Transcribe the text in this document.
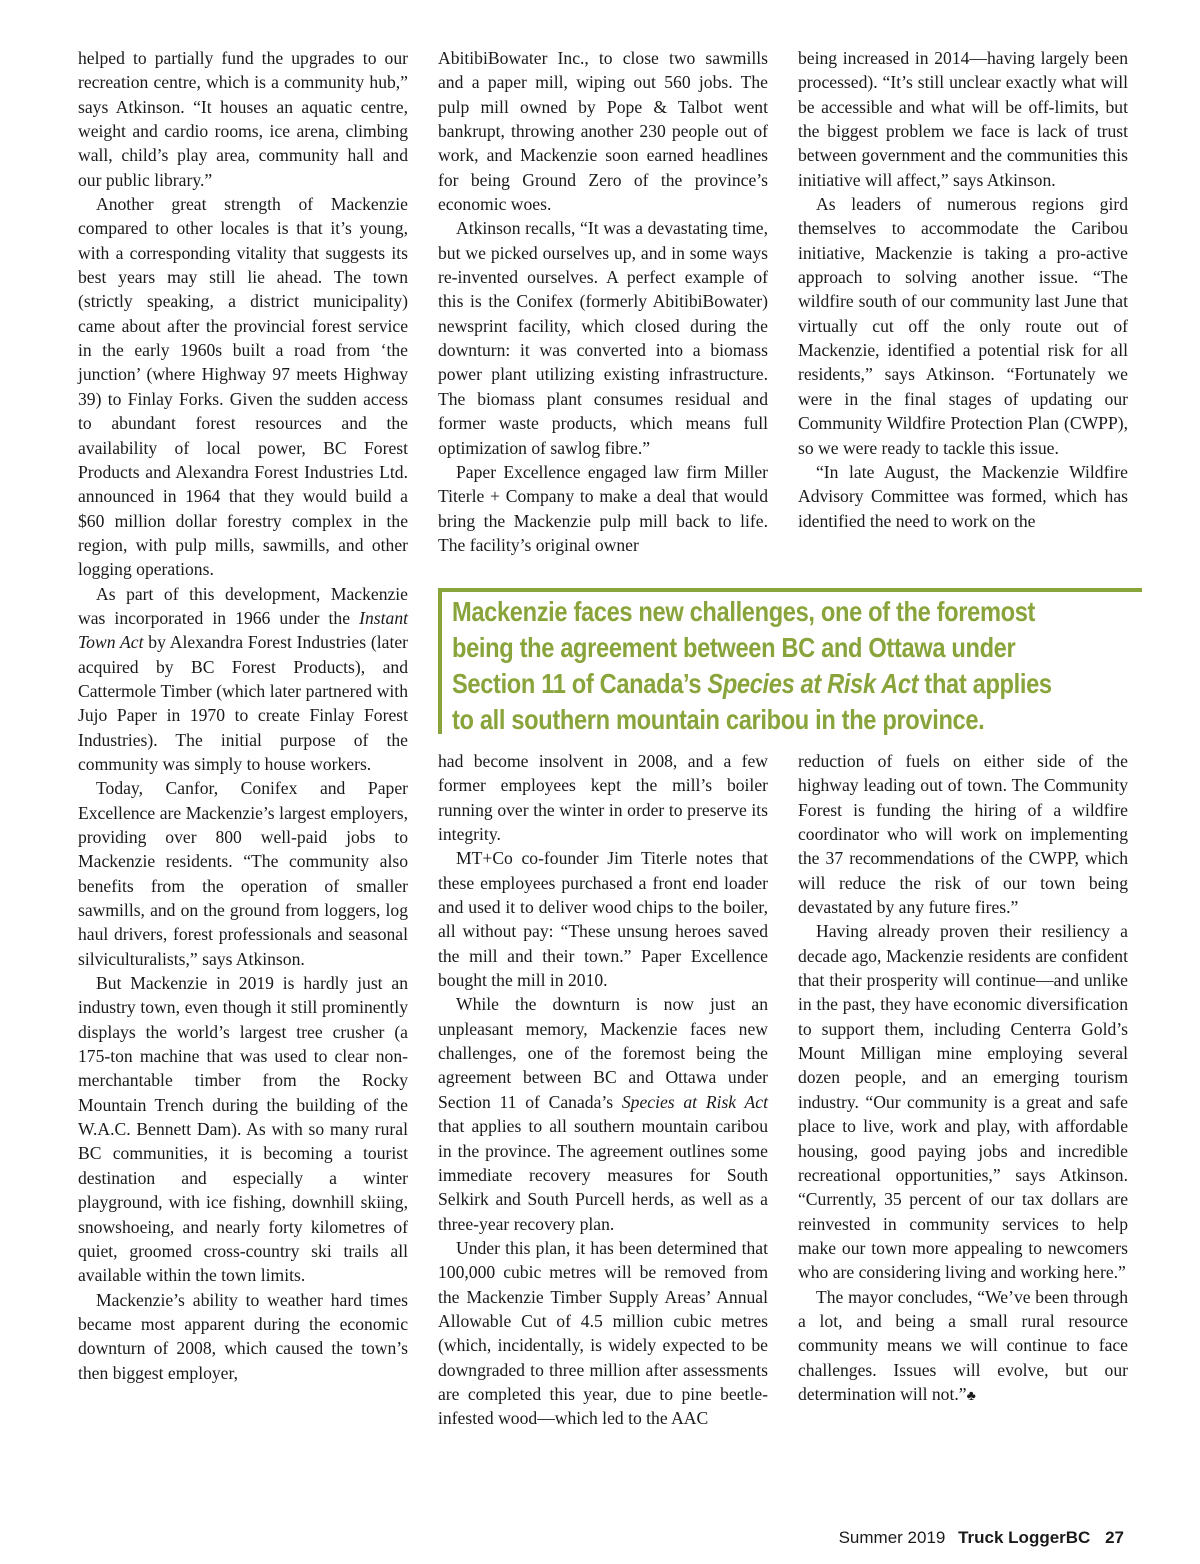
helped to partially fund the upgrades to our recreation centre, which is a community hub,” says Atkinson. “It houses an aquatic centre, weight and cardio rooms, ice arena, climbing wall, child’s play area, community hall and our public library.”

Another great strength of Mackenzie compared to other locales is that it’s young, with a corresponding vitality that suggests its best years may still lie ahead. The town (strictly speaking, a district municipality) came about after the provincial forest service in the early 1960s built a road from ‘the junction’ (where Highway 97 meets Highway 39) to Finlay Forks. Given the sudden access to abundant forest resources and the availability of local power, BC Forest Products and Alexandra Forest Industries Ltd. announced in 1964 that they would build a $60 million dollar forestry complex in the region, with pulp mills, sawmills, and other logging operations.

As part of this development, Mackenzie was incorporated in 1966 under the Instant Town Act by Alexandra Forest Industries (later acquired by BC Forest Products), and Cattermole Timber (which later partnered with Jujo Paper in 1970 to create Finlay Forest Industries). The initial purpose of the community was simply to house workers.

Today, Canfor, Conifex and Paper Excellence are Mackenzie’s largest employers, providing over 800 well-paid jobs to Mackenzie residents. “The community also benefits from the operation of smaller sawmills, and on the ground from loggers, log haul drivers, forest professionals and seasonal silviculturalists,” says Atkinson.

But Mackenzie in 2019 is hardly just an industry town, even though it still prominently displays the world’s largest tree crusher (a 175-ton machine that was used to clear non-merchantable timber from the Rocky Mountain Trench during the building of the W.A.C. Bennett Dam). As with so many rural BC communities, it is becoming a tourist destination and especially a winter playground, with ice fishing, downhill skiing, snowshoeing, and nearly forty kilometres of quiet, groomed cross-country ski trails all available within the town limits.

Mackenzie’s ability to weather hard times became most apparent during the economic downturn of 2008, which caused the town’s then biggest employer,

AbitibiBowater Inc., to close two sawmills and a paper mill, wiping out 560 jobs. The pulp mill owned by Pope & Talbot went bankrupt, throwing another 230 people out of work, and Mackenzie soon earned headlines for being Ground Zero of the province’s economic woes.

Atkinson recalls, “It was a devastating time, but we picked ourselves up, and in some ways re-invented ourselves. A perfect example of this is the Conifex (formerly AbitibiBowater) newsprint facility, which closed during the downturn: it was converted into a biomass power plant utilizing existing infrastructure. The biomass plant consumes residual and former waste products, which means full optimization of sawlog fibre.”

Paper Excellence engaged law firm Miller Titerle + Company to make a deal that would bring the Mackenzie pulp mill back to life. The facility’s original owner

being increased in 2014—having largely been processed). “It’s still unclear exactly what will be accessible and what will be off-limits, but the biggest problem we face is lack of trust between government and the communities this initiative will affect,” says Atkinson.

As leaders of numerous regions gird themselves to accommodate the Caribou initiative, Mackenzie is taking a pro-active approach to solving another issue. “The wildfire south of our community last June that virtually cut off the only route out of Mackenzie, identified a potential risk for all residents,” says Atkinson. “Fortunately we were in the final stages of updating our Community Wildfire Protection Plan (CWPP), so we were ready to tackle this issue.

“In late August, the Mackenzie Wildfire Advisory Committee was formed, which has identified the need to work on the

Mackenzie faces new challenges, one of the foremost
being the agreement between BC and Ottawa under
Section 11 of Canada’s Species at Risk Act that applies
to all southern mountain caribou in the province.

had become insolvent in 2008, and a few former employees kept the mill’s boiler running over the winter in order to preserve its integrity.

MT+Co co-founder Jim Titerle notes that these employees purchased a front end loader and used it to deliver wood chips to the boiler, all without pay: “These unsung heroes saved the mill and their town.” Paper Excellence bought the mill in 2010.

While the downturn is now just an unpleasant memory, Mackenzie faces new challenges, one of the foremost being the agreement between BC and Ottawa under Section 11 of Canada’s Species at Risk Act that applies to all southern mountain caribou in the province. The agreement outlines some immediate recovery measures for South Selkirk and South Purcell herds, as well as a three-year recovery plan.

Under this plan, it has been determined that 100,000 cubic metres will be removed from the Mackenzie Timber Supply Areas’ Annual Allowable Cut of 4.5 million cubic metres (which, incidentally, is widely expected to be downgraded to three million after assessments are completed this year, due to pine beetle-infested wood—which led to the AAC

reduction of fuels on either side of the highway leading out of town. The Community Forest is funding the hiring of a wildfire coordinator who will work on implementing the 37 recommendations of the CWPP, which will reduce the risk of our town being devastated by any future fires.”

Having already proven their resiliency a decade ago, Mackenzie residents are confident that their prosperity will continue—and unlike in the past, they have economic diversification to support them, including Centerra Gold’s Mount Milligan mine employing several dozen people, and an emerging tourism industry. “Our community is a great and safe place to live, work and play, with affordable housing, good paying jobs and incredible recreational opportunities,” says Atkinson. “Currently, 35 percent of our tax dollars are reinvested in community services to help make our town more appealing to newcomers who are considering living and working here.”

The mayor concludes, “We’ve been through a lot, and being a small rural resource community means we will continue to face challenges. Issues will evolve, but our determination will not.”♣

Summer 2019 Truck LoggerBC 27
